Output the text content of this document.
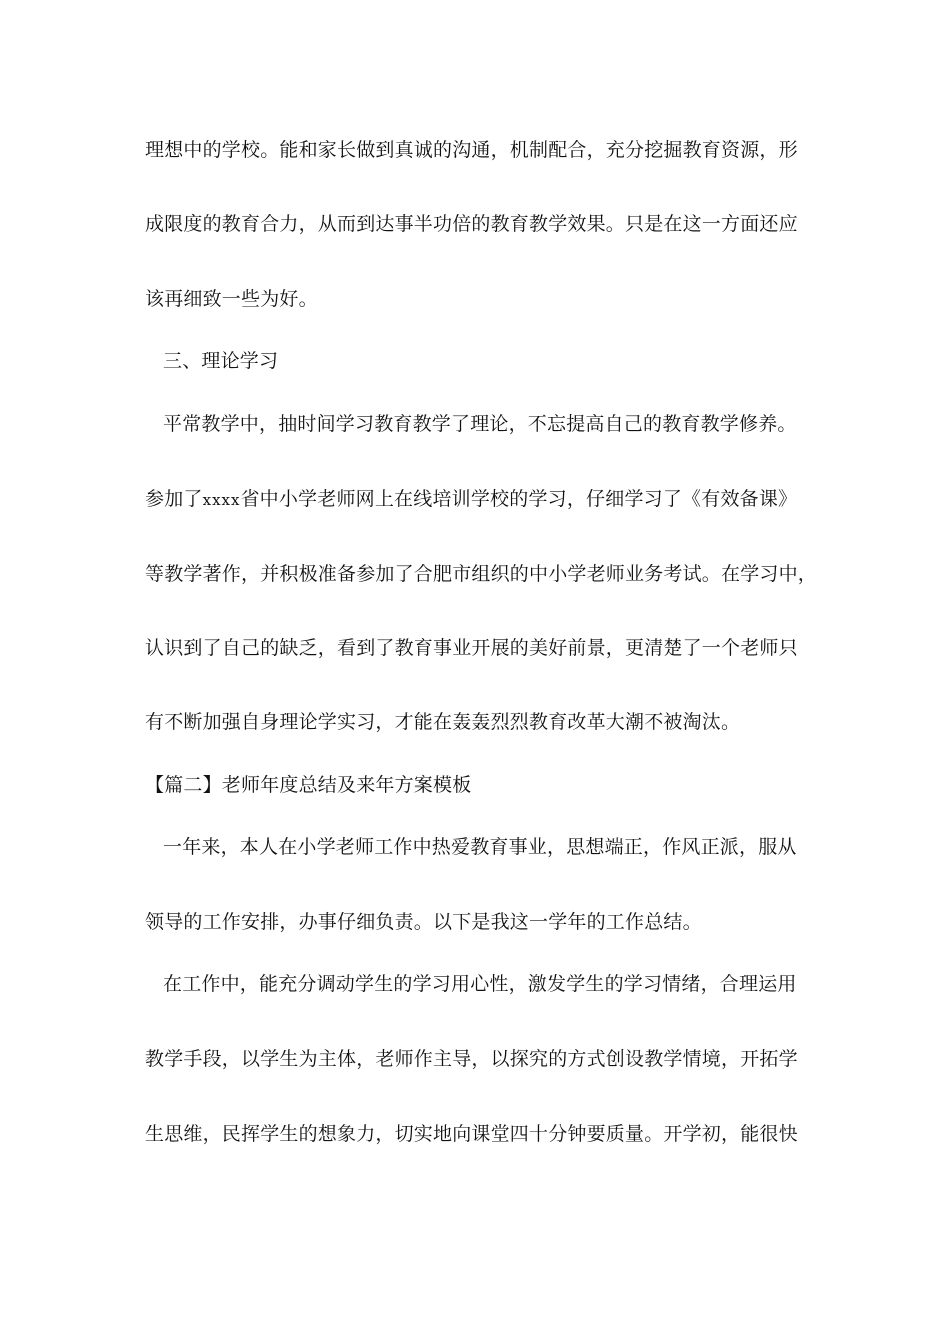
理想中的学校。能和家长做到真诚的沟通，机制配合，充分挖掘教育资源，形
成限度的教育合力，从而到达事半功倍的教育教学效果。只是在这一方面还应
该再细致一些为好。
三、理论学习
平常教学中，抽时间学习教育教学了理论，不忘提高自己的教育教学修养。
参加了xxxx省中小学老师网上在线培训学校的学习，仔细学习了《有效备课》
等教学著作，并积极准备参加了合肥市组织的中小学老师业务考试。在学习中，
认识到了自己的缺乏，看到了教育事业开展的美好前景，更清楚了一个老师只
有不断加强自身理论学实习，才能在轰轰烈烈教育改革大潮不被淘汰。
【篇二】老师年度总结及来年方案模板
一年来，本人在小学老师工作中热爱教育事业，思想端正，作风正派，服从
领导的工作安排，办事仔细负责。以下是我这一学年的工作总结。
在工作中，能充分调动学生的学习用心性，激发学生的学习情绪，合理运用
教学手段，以学生为主体，老师作主导，以探究的方式创设教学情境，开拓学
生思维，民挥学生的想象力，切实地向课堂四十分钟要质量。开学初，能很快
